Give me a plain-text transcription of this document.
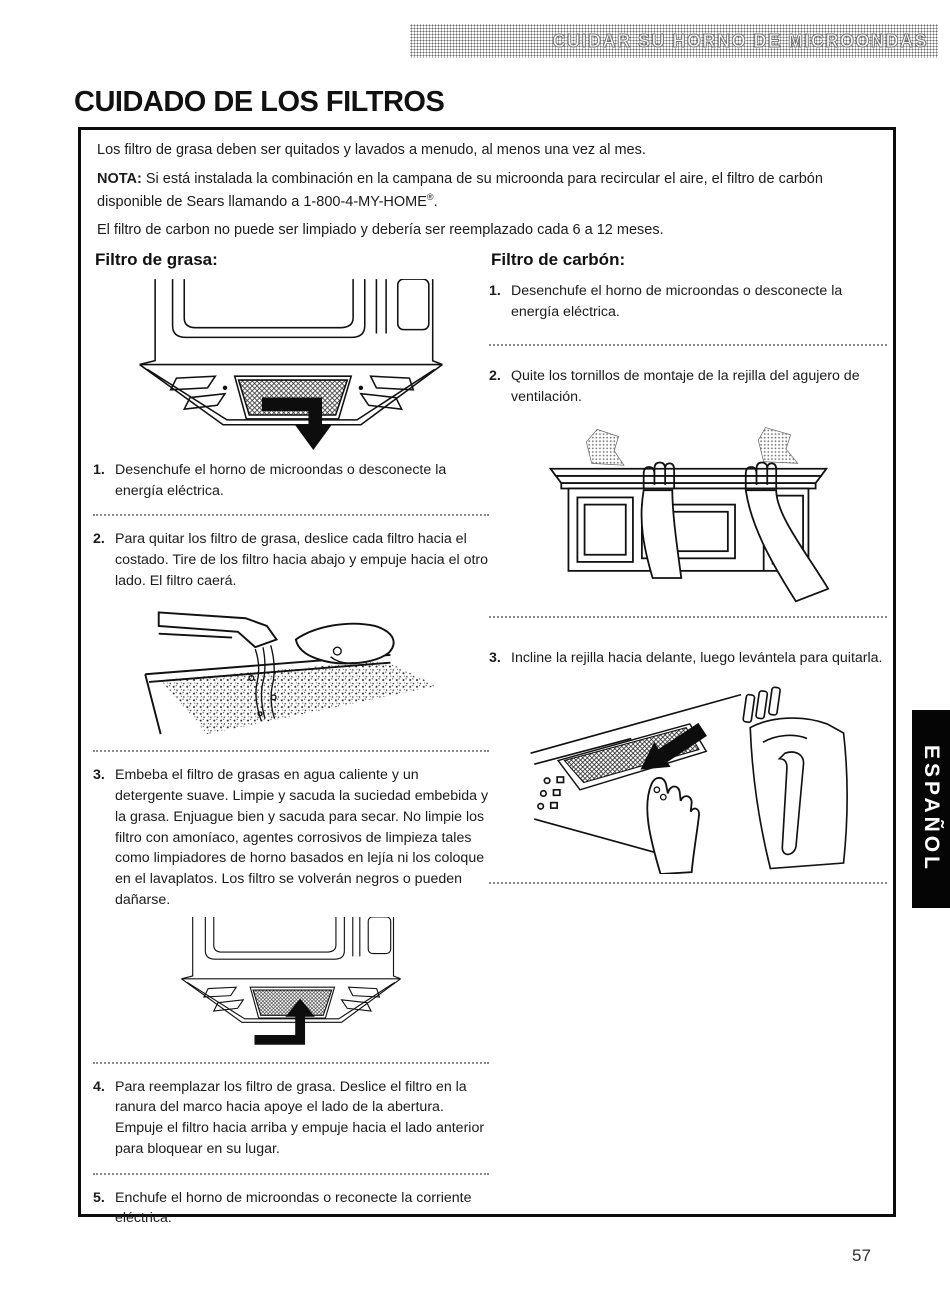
CUIDAR SU HORNO DE MICROONDAS
CUIDADO DE LOS FILTROS

Los filtro de grasa deben ser quitados y lavados a menudo, al menos una vez al mes.

NOTA: Si está instalada la combinación en la campana de su microonda para recircular el aire, el filtro de carbón disponible de Sears llamando a 1-800-4-MY-HOME®.

El filtro de carbon no puede ser limpiado y debería ser reemplazado cada 6 a 12 meses.

Filtro de grasa:
1. Desenchufe el horno de microondas o desconecte la energía eléctrica.
2. Para quitar los filtro de grasa, deslice cada filtro hacia el costado. Tire de los filtro hacia abajo y empuje hacia el otro lado. El filtro caerá.
3. Embeba el filtro de grasas en agua caliente y un detergente suave. Limpie y sacuda la suciedad embebida y la grasa. Enjuague bien y sacuda para secar. No limpie los filtro con amoníaco, agentes corrosivos de limpieza tales como limpiadores de horno basados en lejía ni los coloque en el lavaplatos. Los filtro se volverán negros o pueden dañarse.
4. Para reemplazar los filtro de grasa. Deslice el filtro en la ranura del marco hacia apoye el lado de la abertura. Empuje el filtro hacia arriba y empuje hacia el lado anterior para bloquear en su lugar.
5. Enchufe el horno de microondas o reconecte la corriente eléctrica.
Filtro de carbón:
1. Desenchufe el horno de microondas o desconecte la energía eléctrica.
2. Quite los tornillos de montaje de la rejilla del agujero de ventilación.
3. Incline la rejilla hacia delante, luego levántela para quitarla.
ESPAÑOL
57
